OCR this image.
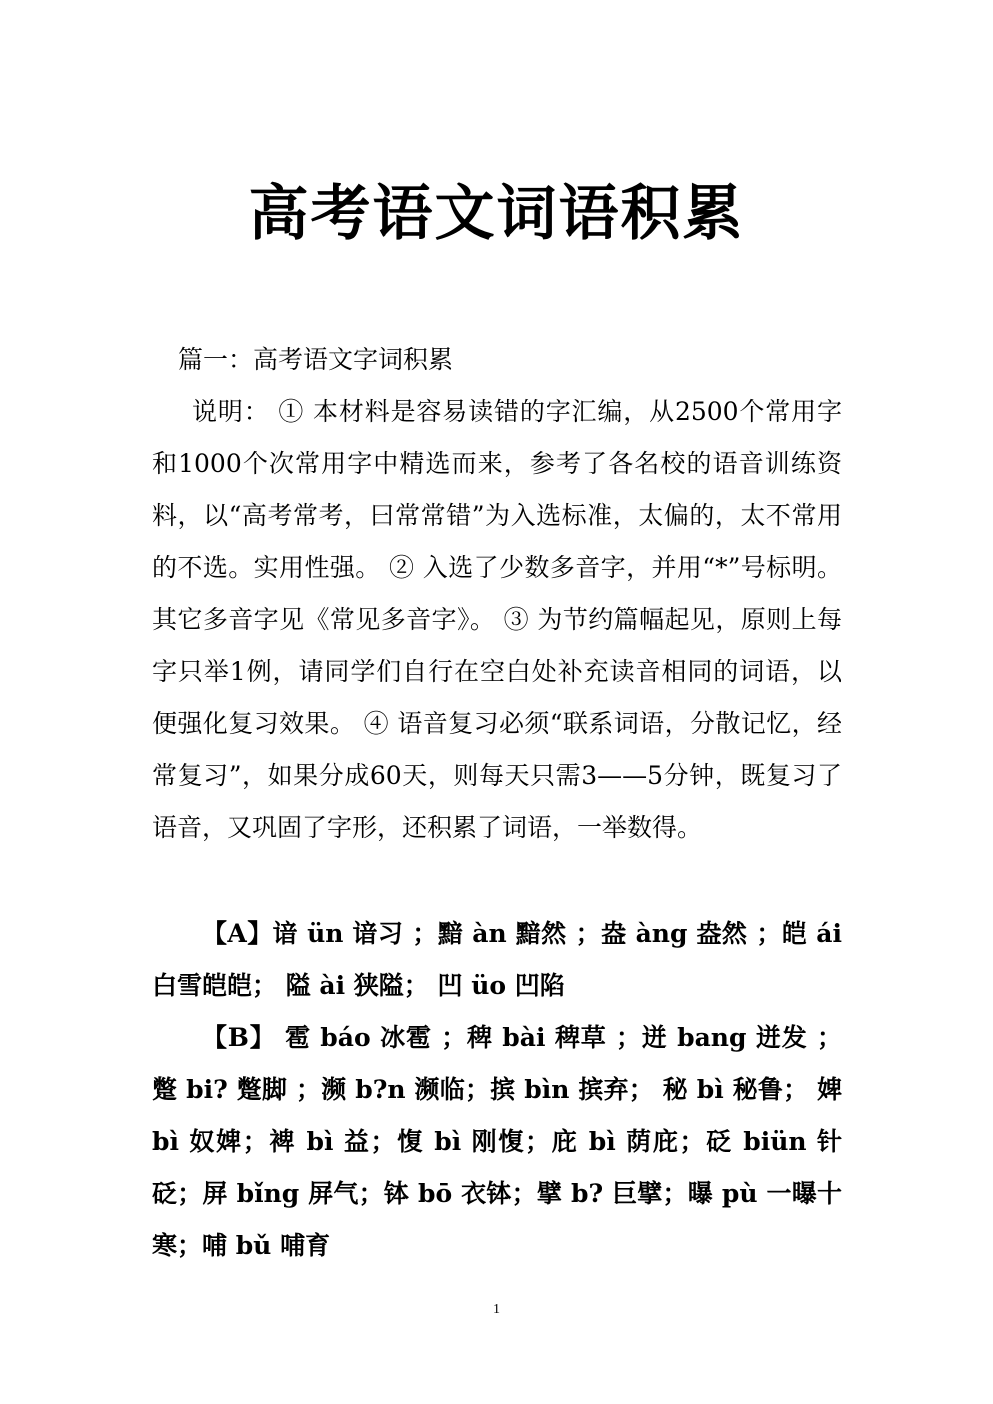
高考语文词语积累
篇一：高考语文字词积累
说明： ① 本材料是容易读错的字汇编，从2500个常用字和1000个次常用字中精选而来，参考了各名校的语音训练资料，以“高考常考，曰常常错”为入选标准，太偏的，太不常用的不选。实用性强。 ② 入选了少数多音字，并用“*”号标明。其它多音字见《常见多音字》。 ③ 为节约篇幅起见，原则上每字只举1例，请同学们自行在空白处补充读音相同的词语，以便强化复习效果。 ④ 语音复习必须“联系词语，分散记忆，经常复习”，如果分成60天，则每天只需3——5分钟，既复习了语音，又巩固了字形，还积累了词语，一举数得。
【A】谙 ün 谙习 ；黯 àn 黯然 ；盎 àng 盎然 ；皑 ái 白雪皑皑； 隘 ài 狭隘； 凹 üo 凹陷
【B】 雹 báo 冰雹 ；稗 bài 稗草 ；迸 bang 迸发 ；蹩 bi? 蹩脚 ；濒 b?n 濒临；摈 bìn 摈弃； 秘 bì 秘鲁； 婢 bì 奴婢；裨 bì 益；愎 bì 刚愎；庇 bì 荫庇；砭 biün 针砭；屏 bǐng 屏气；钵 bō 衣钵；擘 b? 巨擘；曝 pù 一曝十寒；哺 bǔ 哺育
1
